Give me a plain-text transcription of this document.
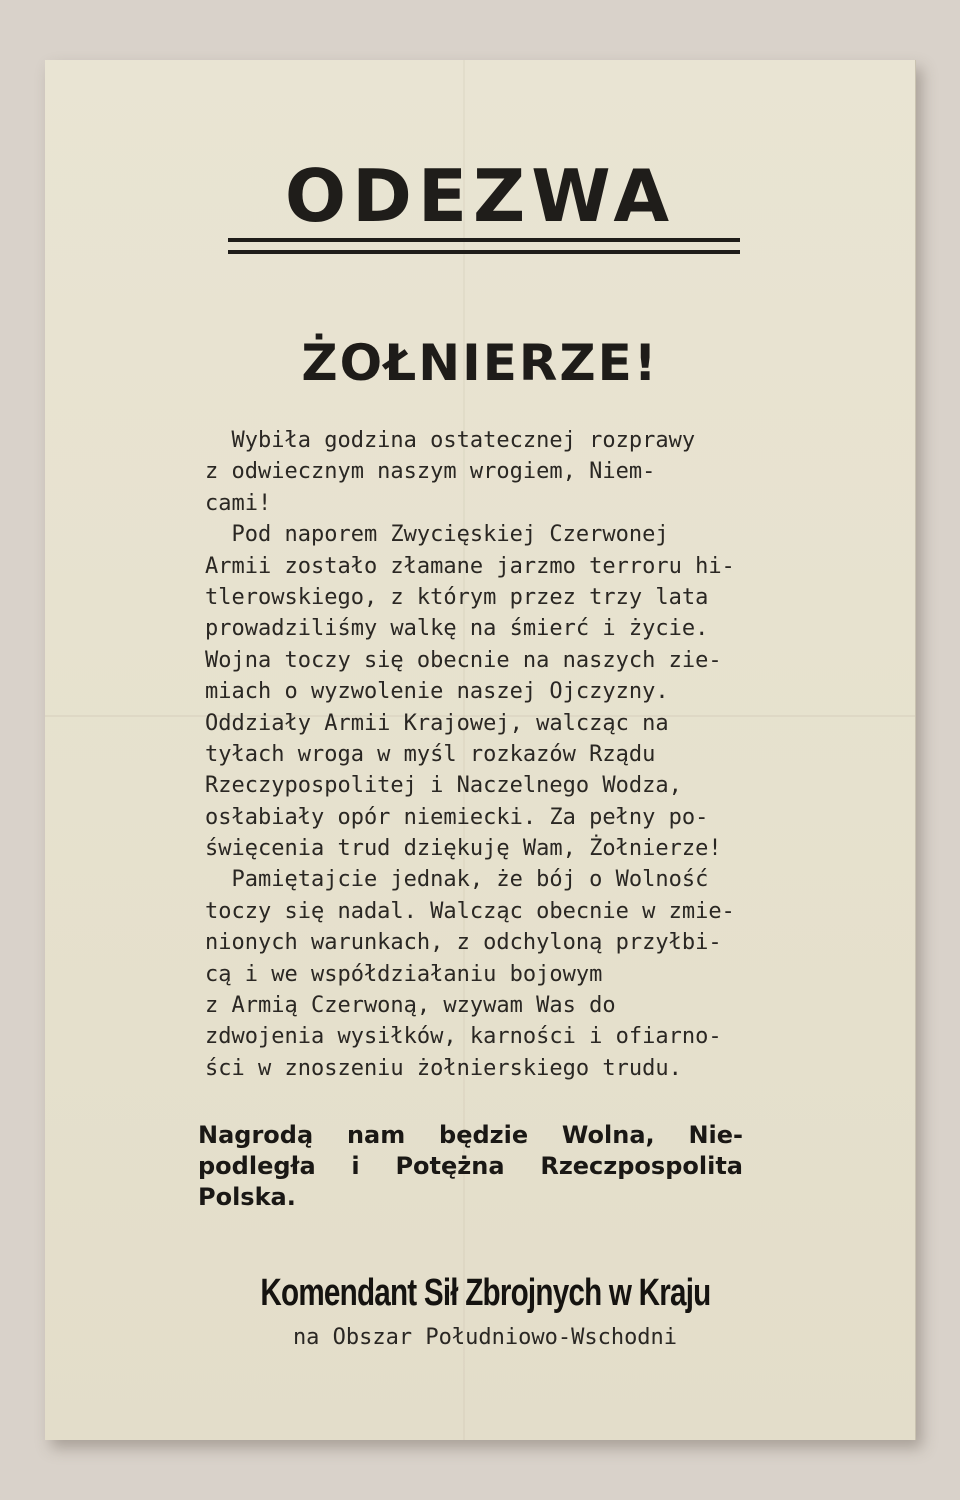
ODEZWA
ŻOŁNIERZE!
Wybiła godzina ostatecznej rozprawy
z odwiecznym naszym wrogiem, Niem-
cami!
Pod naporem Zwycięskiej Czerwonej
Armii zostało złamane jarzmo terroru hi-
tlerowskiego, z którym przez trzy lata
prowadziliśmy walkę na śmierć i życie.
Wojna toczy się obecnie na naszych zie-
miach o wyzwolenie naszej Ojczyzny.
Oddziały Armii Krajowej, walcząc na
tyłach wroga w myśl rozkazów Rządu
Rzeczypospolitej i Naczelnego Wodza,
osłabiały opór niemiecki. Za pełny po-
święcenia trud dziękuję Wam, Żołnierze!
Pamiętajcie jednak, że bój o Wolność
toczy się nadal. Walcząc obecnie w zmie-
nionych warunkach, z odchyloną przyłbi-
cą i we współdziałaniu bojowym
z Armią Czerwoną, wzywam Was do
zdwojenia wysiłków, karności i ofiarno-
ści w znoszeniu żołnierskiego trudu.
Nagrodą nam będzie Wolna, Nie-
podległa i Potężna Rzeczpospolita
Polska.
Komendant Sił Zbrojnych w Kraju
na Obszar Południowo-Wschodni
